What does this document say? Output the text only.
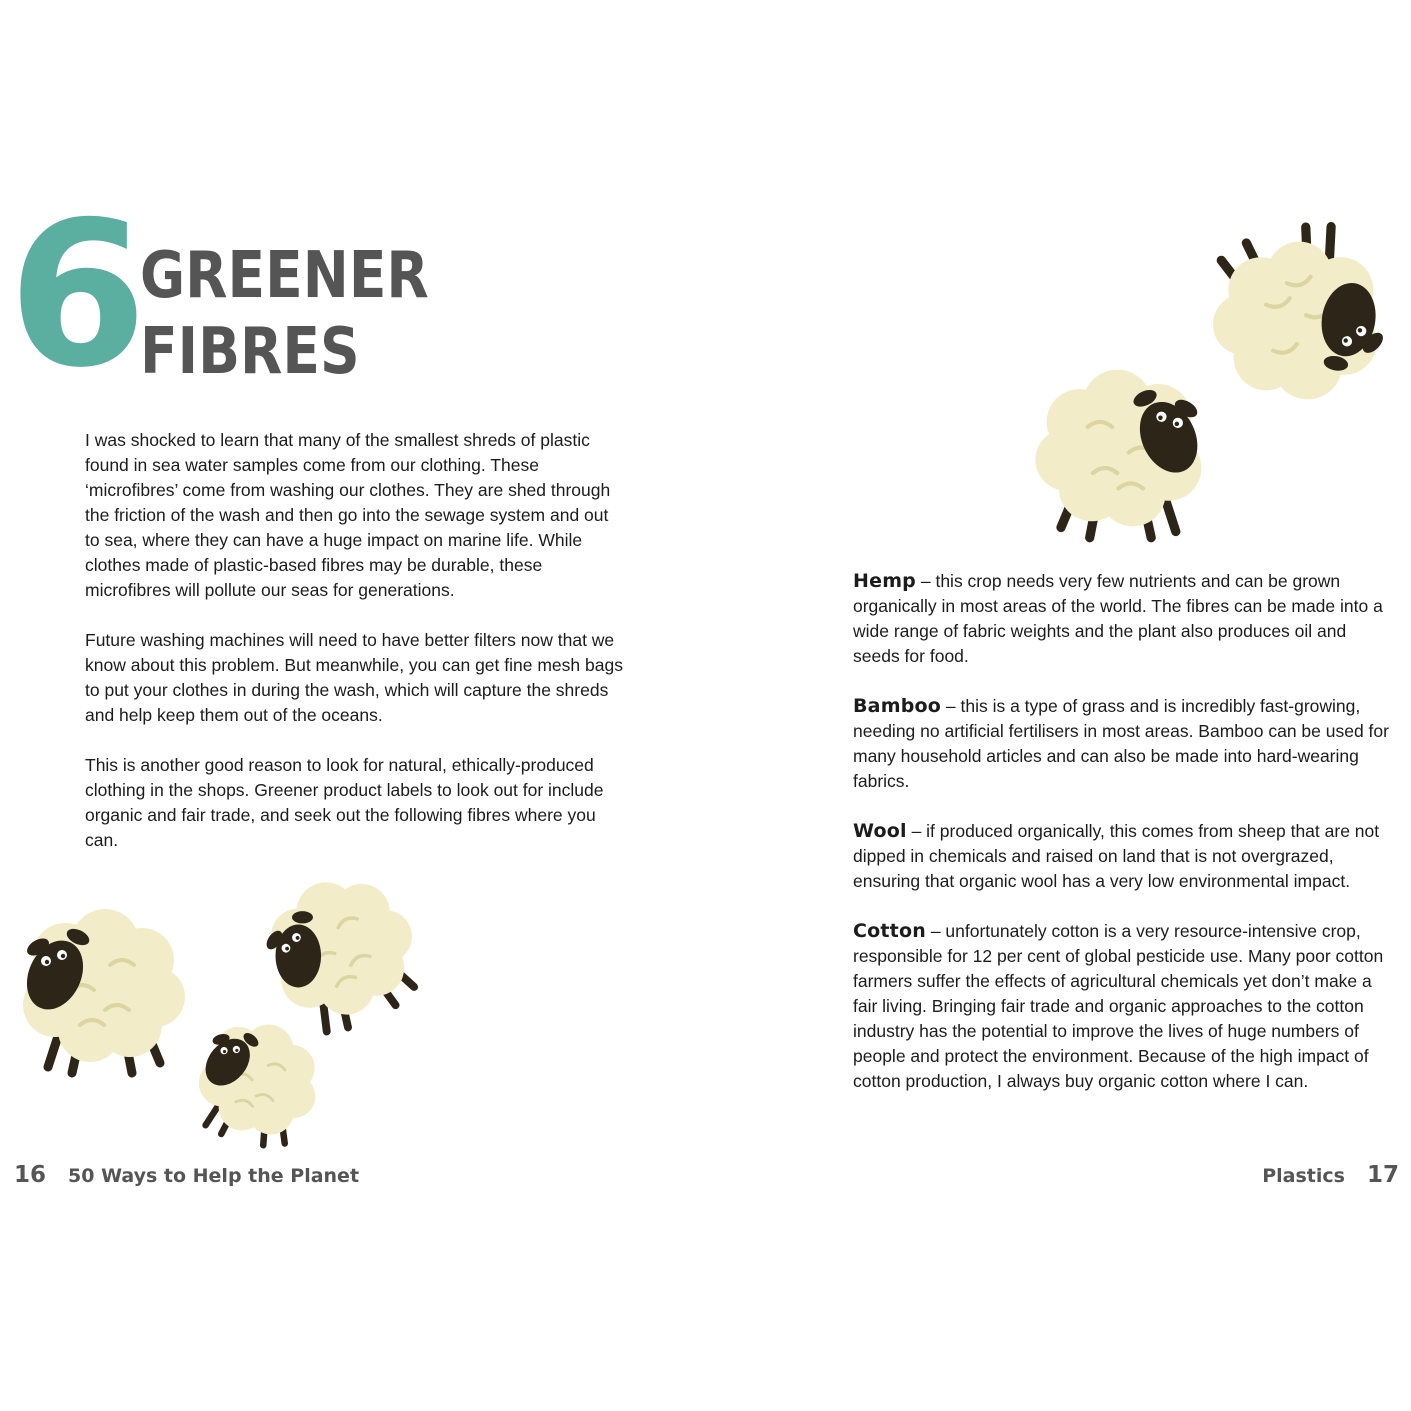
6
GREENER
FIBRES

I was shocked to learn that many of the smallest shreds of plastic found in sea water samples come from our clothing. These ‘microfibres’ come from washing our clothes. They are shed through the friction of the wash and then go into the sewage system and out to sea, where they can have a huge impact on marine life. While clothes made of plastic-based fibres may be durable, these microfibres will pollute our seas for generations.

Future washing machines will need to have better filters now that we know about this problem. But meanwhile, you can get fine mesh bags to put your clothes in during the wash, which will capture the shreds and help keep them out of the oceans.

This is another good reason to look for natural, ethically-produced clothing in the shops. Greener product labels to look out for include organic and fair trade, and seek out the following fibres where you can.

Hemp – this crop needs very few nutrients and can be grown organically in most areas of the world. The fibres can be made into a wide range of fabric weights and the plant also produces oil and seeds for food.

Bamboo – this is a type of grass and is incredibly fast-growing, needing no artificial fertilisers in most areas. Bamboo can be used for many household articles and can also be made into hard-wearing fabrics.

Wool – if produced organically, this comes from sheep that are not dipped in chemicals and raised on land that is not overgrazed, ensuring that organic wool has a very low environmental impact.

Cotton – unfortunately cotton is a very resource-intensive crop, responsible for 12 per cent of global pesticide use. Many poor cotton farmers suffer the effects of agricultural chemicals yet don’t make a fair living. Bringing fair trade and organic approaches to the cotton industry has the potential to improve the lives of huge numbers of people and protect the environment. Because of the high impact of cotton production, I always buy organic cotton where I can.

16 50 Ways to Help the Planet	Plastics 17
